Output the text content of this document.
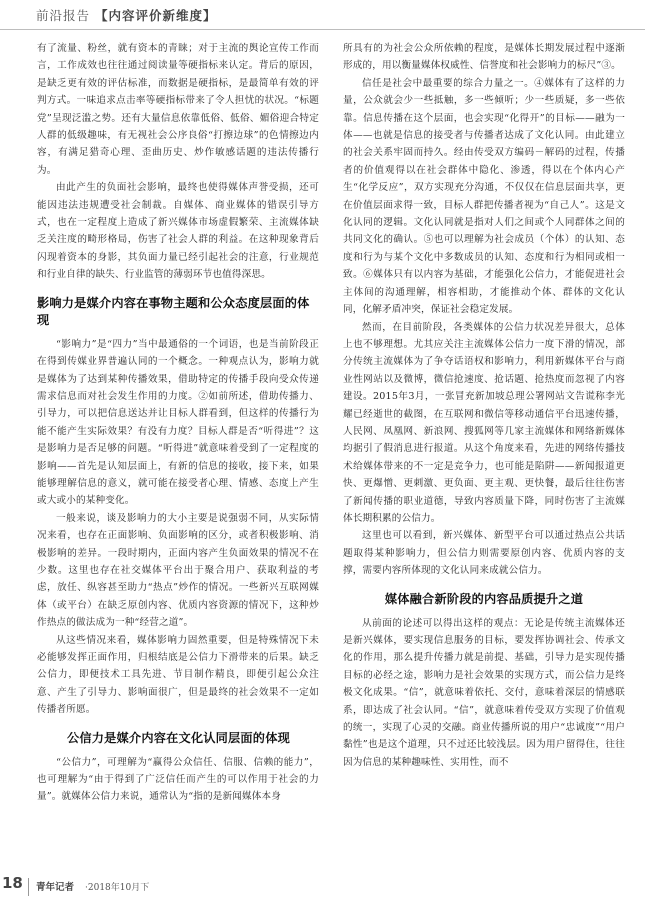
前沿报告 【内容评价新维度】

有了流量、粉丝，就有资本的青睐；对于主流的舆论宣传工作而言，工作成效也往往通过阅读量等硬指标来认定。背后的原因，是缺乏更有效的评估标准，而数据是硬指标，是最简单有效的评判方式。一味追求点击率等硬指标带来了令人担忧的状况。“标题党”呈现泛滥之势。还有大量信息依靠低俗、低俗、媚俗迎合特定人群的低级趣味，有无视社会公序良俗“打擦边球”的色情擦边内容，有满足猎奇心理、歪曲历史、炒作敏感话题的违法传播行为。

由此产生的负面社会影响，最终也使得媒体声誉受损，还可能因违法违规遭受社会制裁。自媒体、商业媒体的错误引导方式，也在一定程度上造成了新兴媒体市场虚假繁荣、主流媒体缺乏关注度的畸形格局，伤害了社会人群的利益。在这种现象背后闪现着资本的身影，其负面力量已经引起社会的注意，行业规范和行业自律的缺失、行业监管的薄弱环节也值得深思。

影响力是媒介内容在事物主题和公众态度层面的体现

“影响力”是“四力”当中最通俗的一个词语，也是当前阶段正在得到传媒业界普遍认同的一个概念。一种观点认为，影响力就是媒体为了达到某种传播效果，借助特定的传播手段向受众传递需求信息而对社会发生作用的力度。②如前所述，借助传播力、引导力，可以把信息送达并让目标人群看到，但这样的传播行为能不能产生实际效果？有没有力度？目标人群是否“听得进”？这是影响力是否足够的问题。“听得进”就意味着受到了一定程度的影响——首先是认知层面上，有新的信息的接收，接下来，如果能够理解信息的意义，就可能在接受者心理、情感、态度上产生或大或小的某种变化。

一般来说，谈及影响力的大小主要是说强弱不同，从实际情况来看，也存在正面影响、负面影响的区分，或者积极影响、消极影响的差异。一段时期内，正面内容产生负面效果的情况不在少数。这里也存在社交媒体平台出于聚合用户、获取利益的考虑，放任、纵容甚至助力“热点”炒作的情况。一些新兴互联网媒体（或平台）在缺乏原创内容、优质内容资源的情况下，这种炒作热点的做法成为一种“经营之道”。

从这些情况来看，媒体影响力固然重要，但是特殊情况下未必能够发挥正面作用，归根结底是公信力下滑带来的后果。缺乏公信力，即便技术工具先进、节目制作精良，即便引起公众注意、产生了引导力、影响面很广，但是最终的社会效果不一定如传播者所愿。

公信力是媒介内容在文化认同层面的体现

“公信力”，可理解为“赢得公众信任、信服、信赖的能力”，也可理解为“由于得到了广泛信任而产生的可以作用于社会的力量”。就媒体公信力来说，通常认为“指的是新闻媒体本身

所具有的为社会公众所依赖的程度，是媒体长期发展过程中逐渐形成的，用以衡量媒体权威性、信誉度和社会影响力的标尺”③。

信任是社会中最重要的综合力量之一。④媒体有了这样的力量，公众就会少一些抵触，多一些倾听；少一些质疑，多一些依靠。信息传播在这个层面，也会实现“化得开”的目标——融为一体——也就是信息的接受者与传播者达成了文化认同。由此建立的社会关系牢固而持久。经由传受双方编码－解码的过程，传播者的价值观得以在社会群体中隐化、渗透，得以在个体内心产生“化学反应”，双方实现充分沟通，不仅仅在信息层面共享，更在价值层面求得一致，目标人群把传播者视为“自己人”。这是文化认同的逻辑。文化认同就是指对人们之间或个人同群体之间的共同文化的确认。⑤也可以理解为社会成员（个体）的认知、态度和行为与某个文化中多数成员的认知、态度和行为相同或相一致。⑥媒体只有以内容为基础，才能强化公信力，才能促进社会主体间的沟通理解，相容相助，才能推动个体、群体的文化认同，化解矛盾冲突，保证社会稳定发展。

然而，在目前阶段，各类媒体的公信力状况差异很大，总体上也不够理想。尤其应关注主流媒体公信力一度下滑的情况，部分传统主流媒体为了争夺话语权和影响力，利用新媒体平台与商业性网站以及微博，微信抢速度、抢话题、抢热度而忽视了内容建设。2015年3月，一张冒充新加坡总理公署网站文告谎称李光耀已经逝世的截图，在互联网和微信等移动通信平台迅速传播，人民网、凤凰网、新浪网、搜狐网等几家主流媒体和网络新媒体均据引了假消息进行报道。从这个角度来看，先进的网络传播技术给媒体带来的不一定是竞争力，也可能是陷阱——新闻报道更快、更爆憎、更刺激、更负面、更主观、更快餐，最后往往伤害了新闻传播的职业道德，导致内容质量下降，同时伤害了主流媒体长期积累的公信力。

这里也可以看到，新兴媒体、新型平台可以通过热点公共话题取得某种影响力，但公信力则需要原创内容、优质内容的支撑，需要内容所体现的文化认同来成就公信力。

媒体融合新阶段的内容品质提升之道

从前面的论述可以得出这样的观点：无论是传统主流媒体还是新兴媒体，要实现信息服务的目标，要发挥协调社会、传承文化的作用，那么提升传播力就是前提、基础，引导力是实现传播目标的必经之途，影响力是社会效果的实现方式，而公信力是终极文化成果。“信”，就意味着依托、交付，意味着深层的情感联系，即达成了社会认同。“信”，就意味着传受双方实现了价值观的统一，实现了心灵的交融。商业传播所说的用户“忠诚度”“用户黏性”也是这个道理，只不过还比较浅层。因为用户留得住，往往因为信息的某种趣味性、实用性，而不

18 青年记者 ·2018年10月下
